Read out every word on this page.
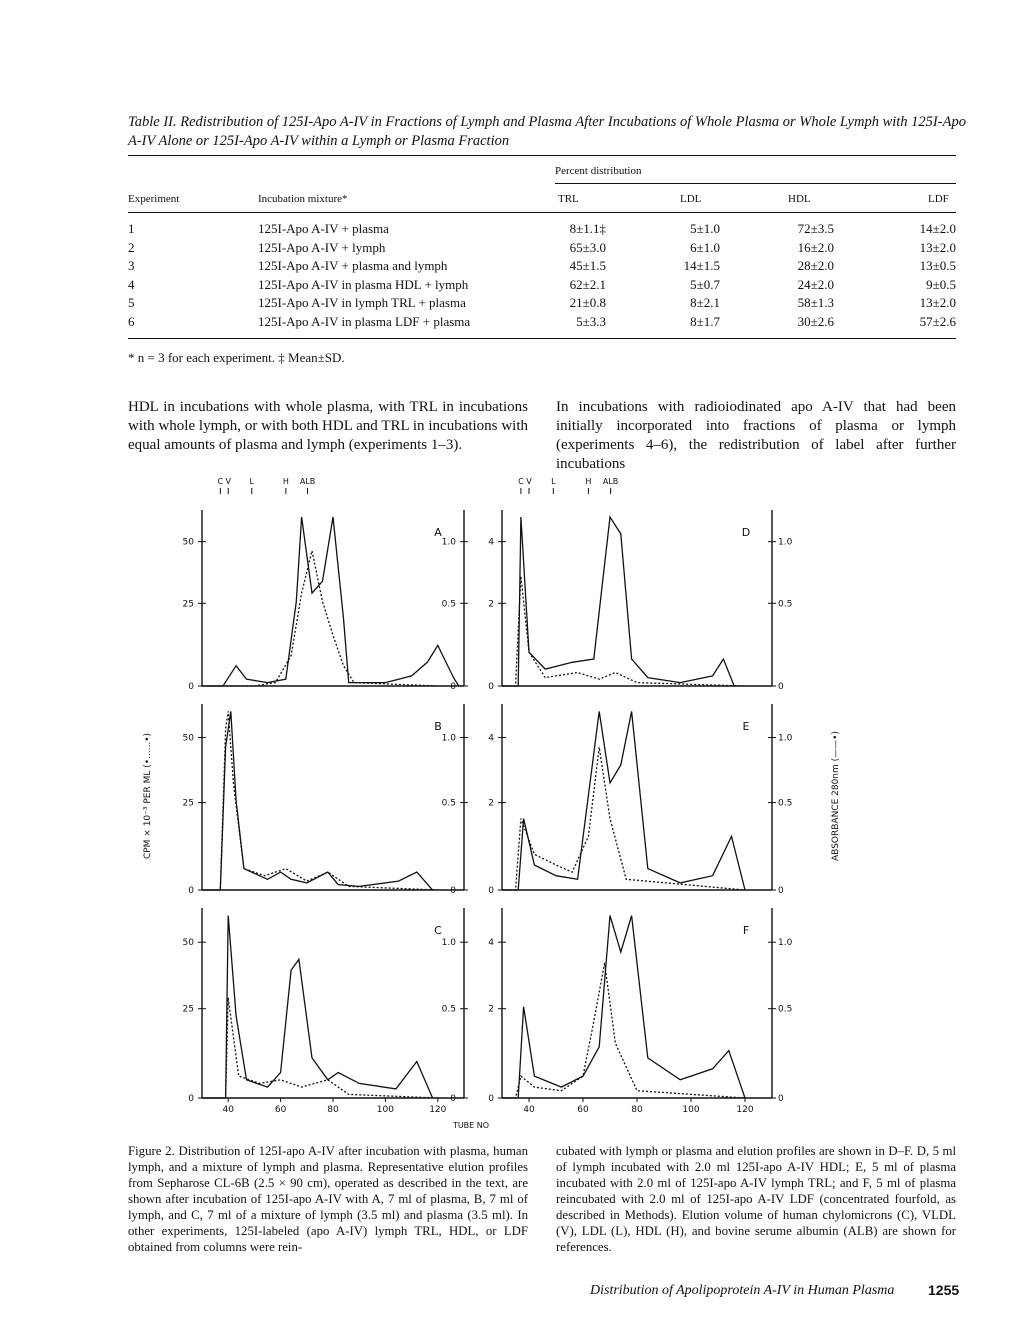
Table II. Redistribution of 125I-Apo A-IV in Fractions of Lymph and Plasma After Incubations of Whole Plasma or Whole Lymph with 125I-Apo A-IV Alone or 125I-Apo A-IV within a Lymph or Plasma Fraction
Percent distribution
Experiment	Incubation mixture*	TRL	LDL	HDL	LDF
1	125I-Apo A-IV + plasma	8±1.1‡	5±1.0	72±3.5	14±2.0
2	125I-Apo A-IV + lymph	65±3.0	6±1.0	16±2.0	13±2.0
3	125I-Apo A-IV + plasma and lymph	45±1.5	14±1.5	28±2.0	13±0.5
4	125I-Apo A-IV in plasma HDL + lymph	62±2.1	5±0.7	24±2.0	9±0.5
5	125I-Apo A-IV in lymph TRL + plasma	21±0.8	8±2.1	58±1.3	13±2.0
6	125I-Apo A-IV in plasma LDF + plasma	5±3.3	8±1.7	30±2.6	57±2.6
* n = 3 for each experiment. ‡ Mean±SD.
HDL in incubations with whole plasma, with TRL in incubations with whole lymph, or with both HDL and TRL in incubations with equal amounts of plasma and lymph (experiments 1–3).
In incubations with radioiodinated apo A-IV that had been initially incorporated into fractions of plasma or lymph (experiments 4–6), the redistribution of label after further incubations
A
50
25
0
1.0
0.5
0
B
50
25
0
1.0
0.5
0
C
50
25
0
1.0
0.5
0
40	60	80	100	120
C V L	H ALB
D
4
2
0
1.0
0.5
0
E
4
2
0
1.0
0.5
0
F
4
2
0
1.0
0.5
0
40	60	80	100	120
C V L	H ALB
TUBE NO
CPM × 10⁻³ PER ML (•......•)	ABSORBANCE 280nm (——•)
Figure 2. Distribution of 125I-apo A-IV after incubation with plasma, human lymph, and a mixture of lymph and plasma. Representative elution profiles from Sepharose CL-6B (2.5 × 90 cm), operated as described in the text, are shown after incubation of 125I-apo A-IV with A, 7 ml of plasma, B, 7 ml of lymph, and C, 7 ml of a mixture of lymph (3.5 ml) and plasma (3.5 ml). In other experiments, 125I-labeled (apo A-IV) lymph TRL, HDL, or LDF obtained from columns were rein-
cubated with lymph or plasma and elution profiles are shown in D–F. D, 5 ml of lymph incubated with 2.0 ml 125I-apo A-IV HDL; E, 5 ml of plasma incubated with 2.0 ml of 125I-apo A-IV lymph TRL; and F, 5 ml of plasma reincubated with 2.0 ml of 125I-apo A-IV LDF (concentrated fourfold, as described in Methods). Elution volume of human chylomicrons (C), VLDL (V), LDL (L), HDL (H), and bovine serume albumin (ALB) are shown for references.
Distribution of Apolipoprotein A-IV in Human Plasma 1255
